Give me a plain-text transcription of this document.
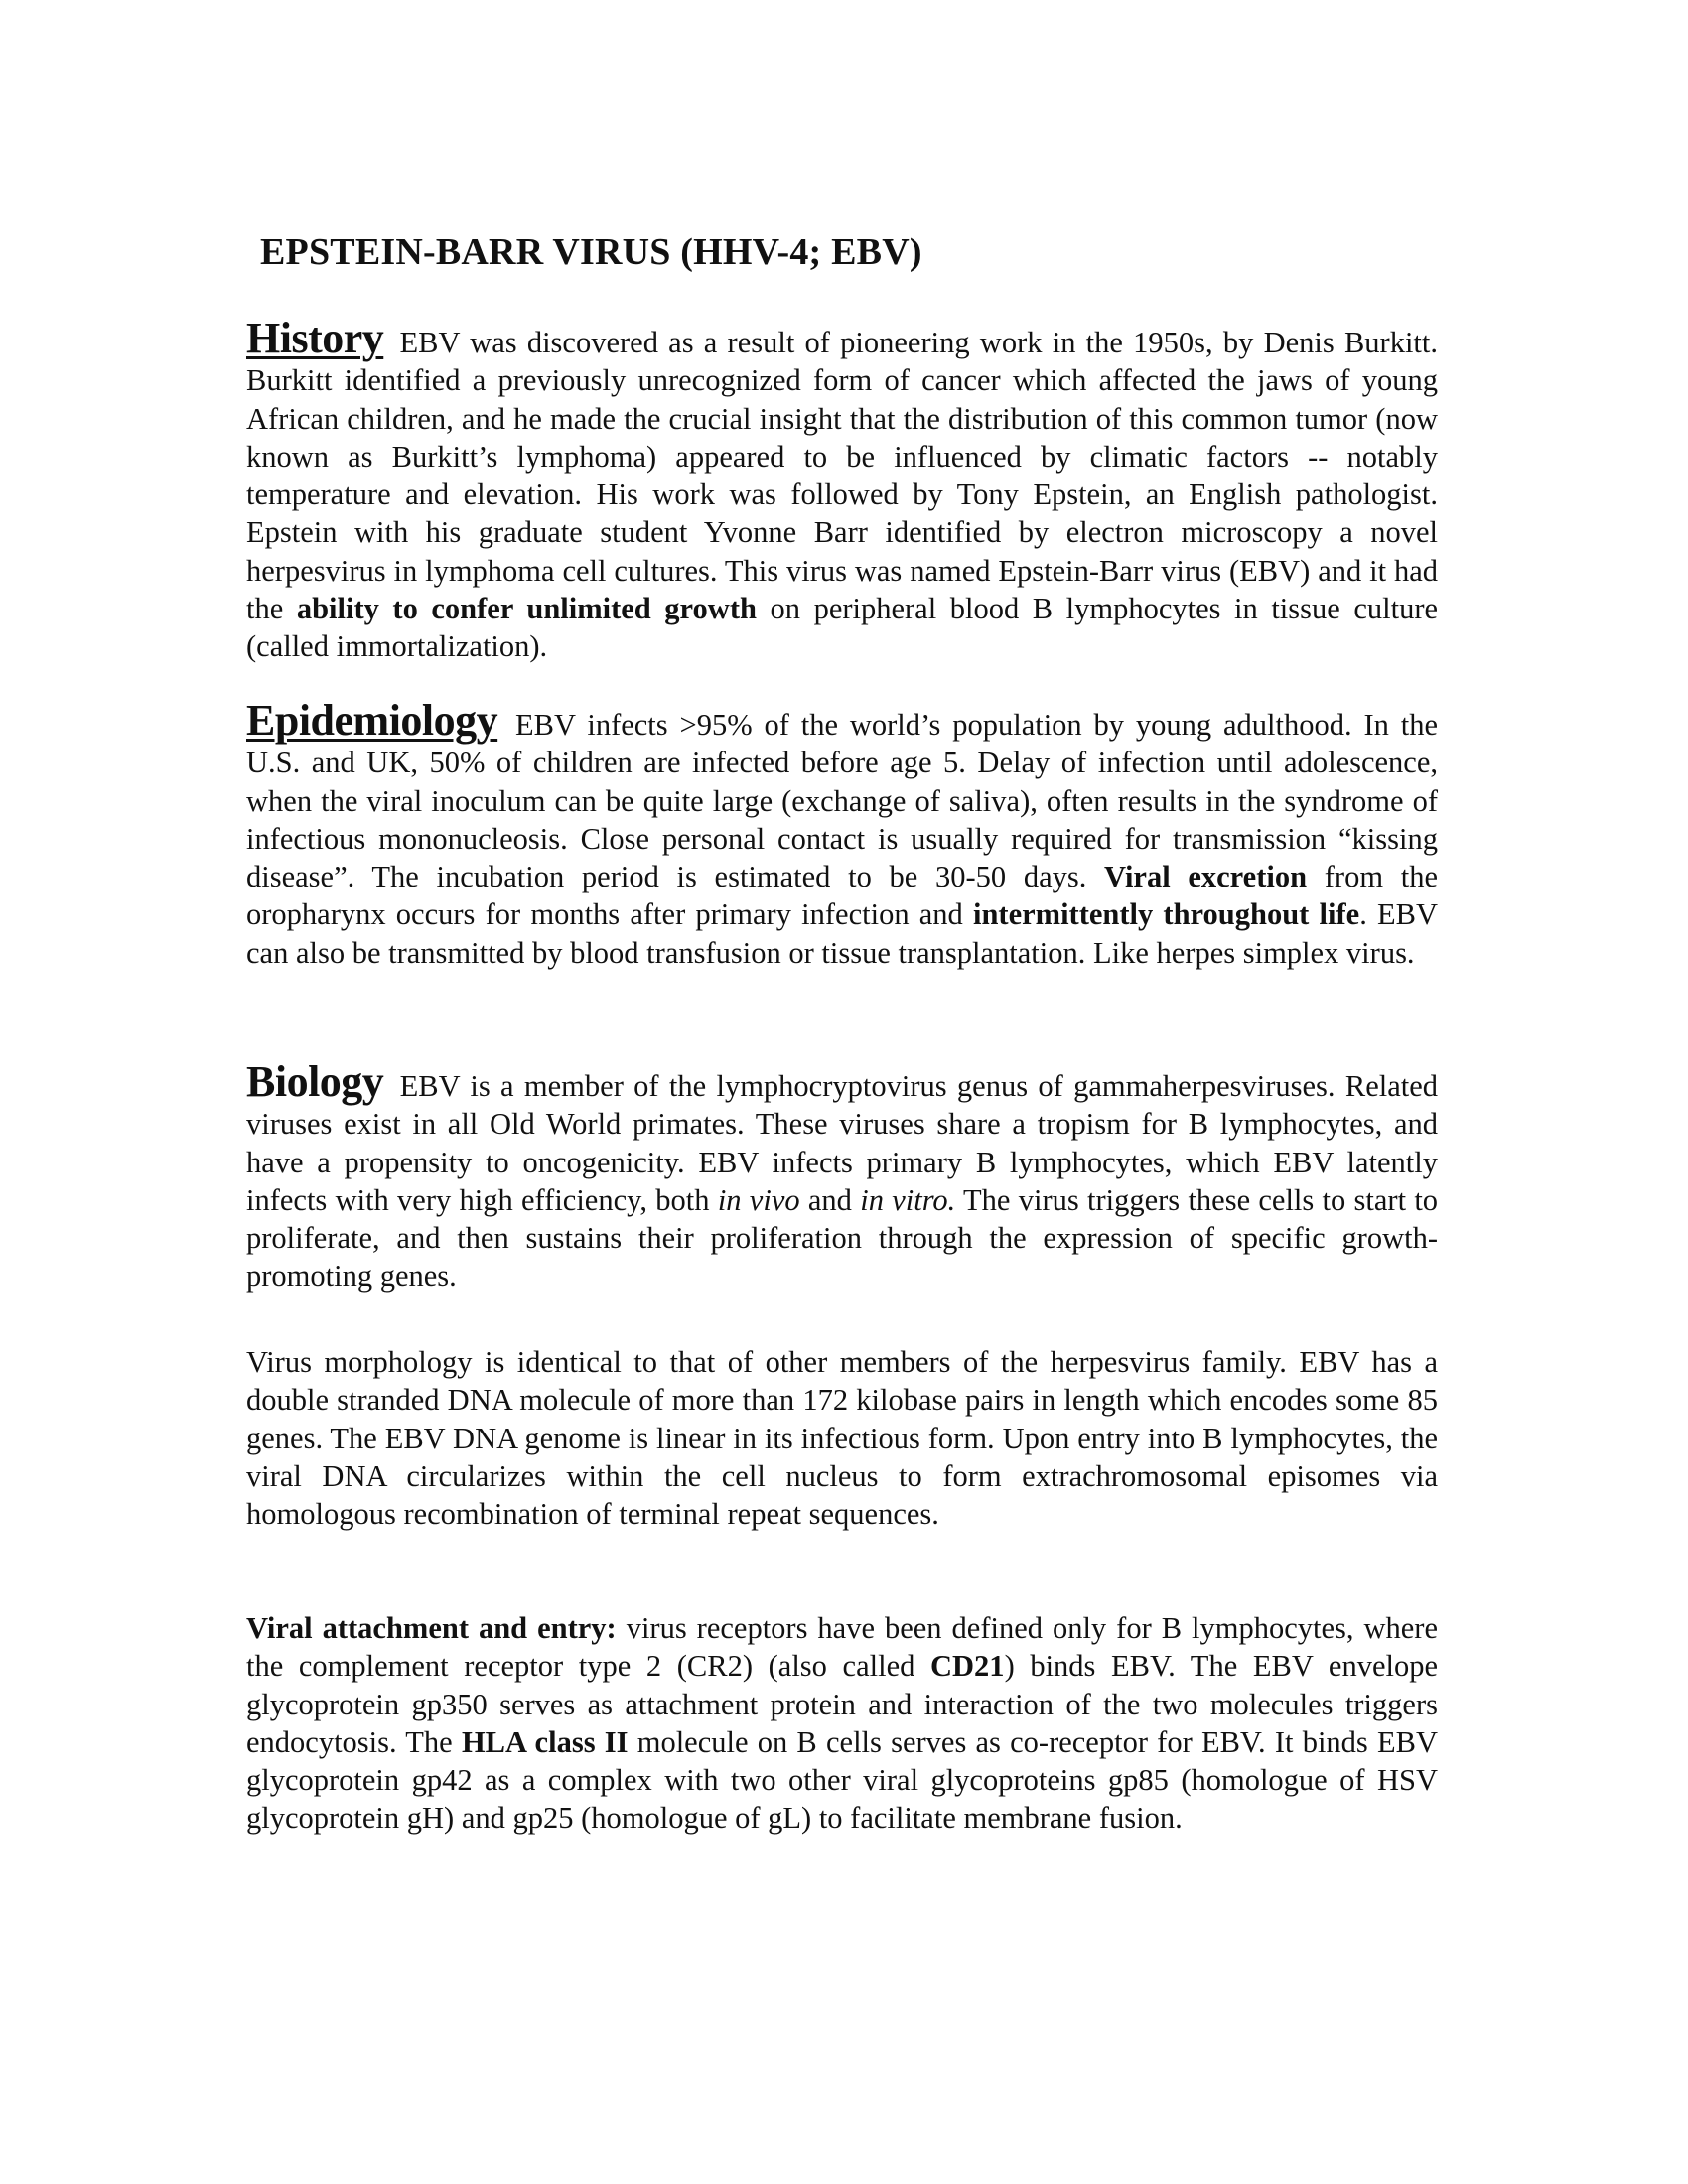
EPSTEIN-BARR VIRUS (HHV-4; EBV)

History EBV was discovered as a result of pioneering work in the 1950s, by Denis Burkitt. Burkitt identified a previously unrecognized form of cancer which affected the jaws of young African children, and he made the crucial insight that the distribution of this common tumor (now known as Burkitt’s lymphoma) appeared to be influenced by climatic factors -- notably temperature and elevation. His work was followed by Tony Epstein, an English pathologist. Epstein with his graduate student Yvonne Barr identified by electron microscopy a novel herpesvirus in lymphoma cell cultures. This virus was named Epstein-Barr virus (EBV) and it had the ability to confer unlimited growth on peripheral blood B lymphocytes in tissue culture (called immortalization).

Epidemiology EBV infects >95% of the world’s population by young adulthood. In the U.S. and UK, 50% of children are infected before age 5. Delay of infection until adolescence, when the viral inoculum can be quite large (exchange of saliva), often results in the syndrome of infectious mononucleosis. Close personal contact is usually required for transmission “kissing disease”. The incubation period is estimated to be 30-50 days. Viral excretion from the oropharynx occurs for months after primary infection and intermittently throughout life. EBV can also be transmitted by blood transfusion or tissue transplantation. Like herpes simplex virus.

Biology EBV is a member of the lymphocryptovirus genus of gammaherpesviruses. Related viruses exist in all Old World primates. These viruses share a tropism for B lymphocytes, and have a propensity to oncogenicity. EBV infects primary B lymphocytes, which EBV latently infects with very high efficiency, both in vivo and in vitro. The virus triggers these cells to start to proliferate, and then sustains their proliferation through the expression of specific growth-promoting genes.

Virus morphology is identical to that of other members of the herpesvirus family. EBV has a double stranded DNA molecule of more than 172 kilobase pairs in length which encodes some 85 genes. The EBV DNA genome is linear in its infectious form. Upon entry into B lymphocytes, the viral DNA circularizes within the cell nucleus to form extrachromosomal episomes via homologous recombination of terminal repeat sequences.

Viral attachment and entry: virus receptors have been defined only for B lymphocytes, where the complement receptor type 2 (CR2) (also called CD21) binds EBV. The EBV envelope glycoprotein gp350 serves as attachment protein and interaction of the two molecules triggers endocytosis. The HLA class II molecule on B cells serves as co-receptor for EBV. It binds EBV glycoprotein gp42 as a complex with two other viral glycoproteins gp85 (homologue of HSV glycoprotein gH) and gp25 (homologue of gL) to facilitate membrane fusion.
